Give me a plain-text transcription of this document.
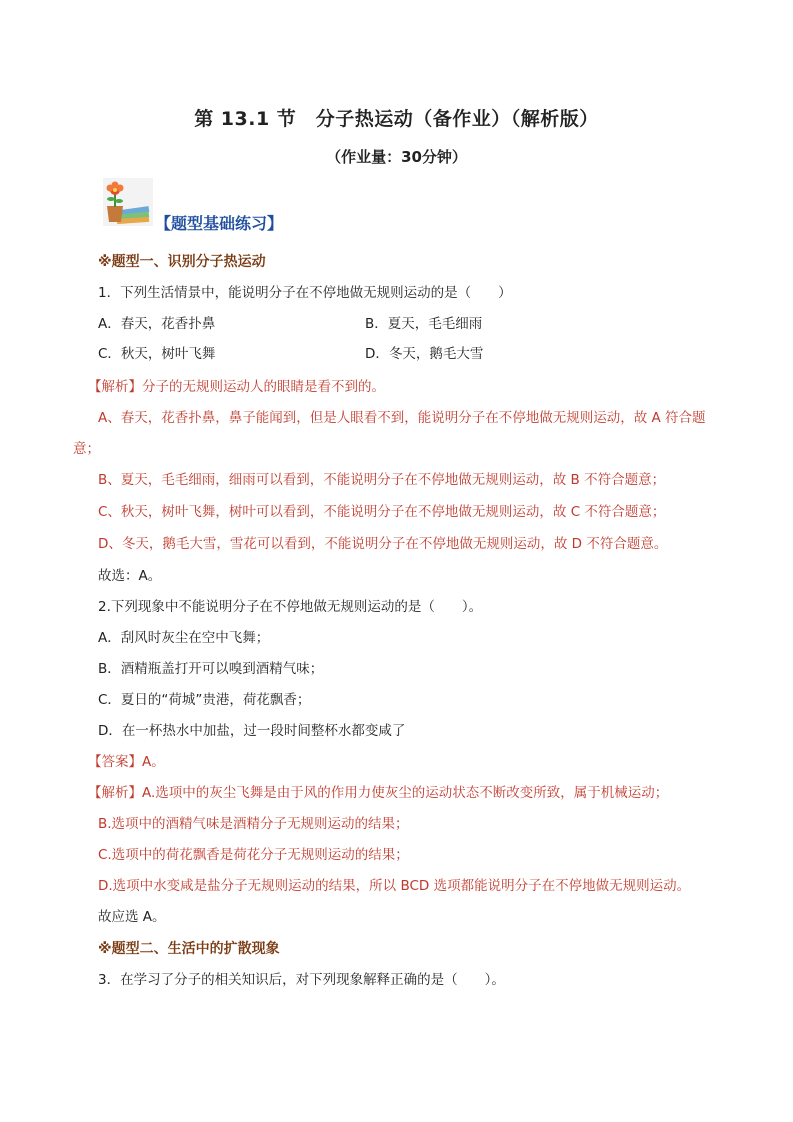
第 13.1 节　分子热运动（备作业）（解析版）
（作业量：30分钟）
【题型基础练习】
※题型一、识别分子热运动
1．下列生活情景中，能说明分子在不停地做无规则运动的是（　　）
A．春天，花香扑鼻	B．夏天，毛毛细雨
C．秋天，树叶飞舞	D．冬天，鹅毛大雪
【解析】分子的无规则运动人的眼睛是看不到的。
A、春天，花香扑鼻，鼻子能闻到，但是人眼看不到，能说明分子在不停地做无规则运动，故 A 符合题
意；
B、夏天，毛毛细雨，细雨可以看到，不能说明分子在不停地做无规则运动，故 B 不符合题意；
C、秋天，树叶飞舞，树叶可以看到，不能说明分子在不停地做无规则运动，故 C 不符合题意；
D、冬天，鹅毛大雪，雪花可以看到，不能说明分子在不停地做无规则运动，故 D 不符合题意。
故选：A。
2.下列现象中不能说明分子在不停地做无规则运动的是（　　）。
A．刮风时灰尘在空中飞舞；
B．酒精瓶盖打开可以嗅到酒精气味；
C．夏日的“荷城”贵港，荷花飘香；
D．在一杯热水中加盐，过一段时间整杯水都变咸了
【答案】A。
【解析】A.选项中的灰尘飞舞是由于风的作用力使灰尘的运动状态不断改变所致，属于机械运动；
B.选项中的酒精气味是酒精分子无规则运动的结果；
C.选项中的荷花飘香是荷花分子无规则运动的结果；
D.选项中水变咸是盐分子无规则运动的结果，所以 BCD 选项都能说明分子在不停地做无规则运动。
故应选 A。
※题型二、生活中的扩散现象
3．在学习了分子的相关知识后，对下列现象解释正确的是（　　）。
